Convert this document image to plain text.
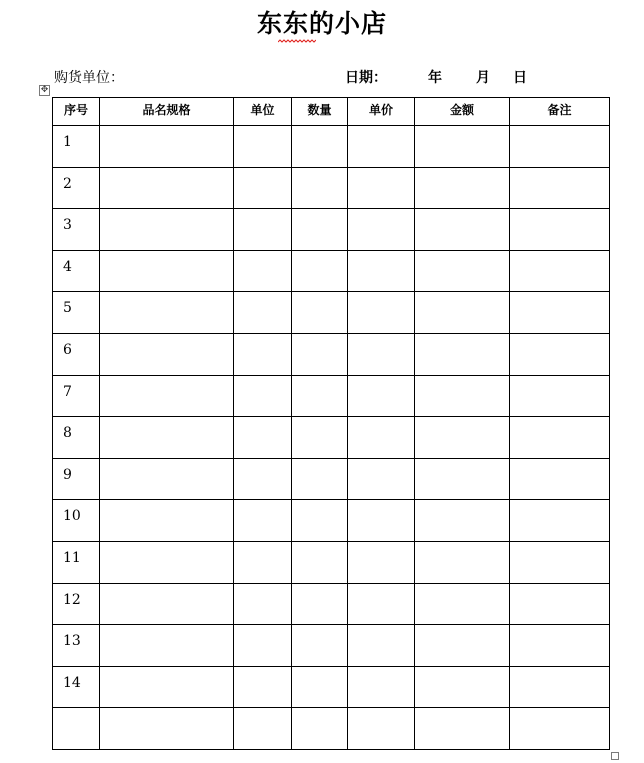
东东的小店
购货单位：	日期：	年 月 日
✥
序号	品名规格	单位	数量	单价	金额	备注
1						
2						
3						
4						
5						
6						
7						
8						
9						
10						
11						
12						
13						
14						
